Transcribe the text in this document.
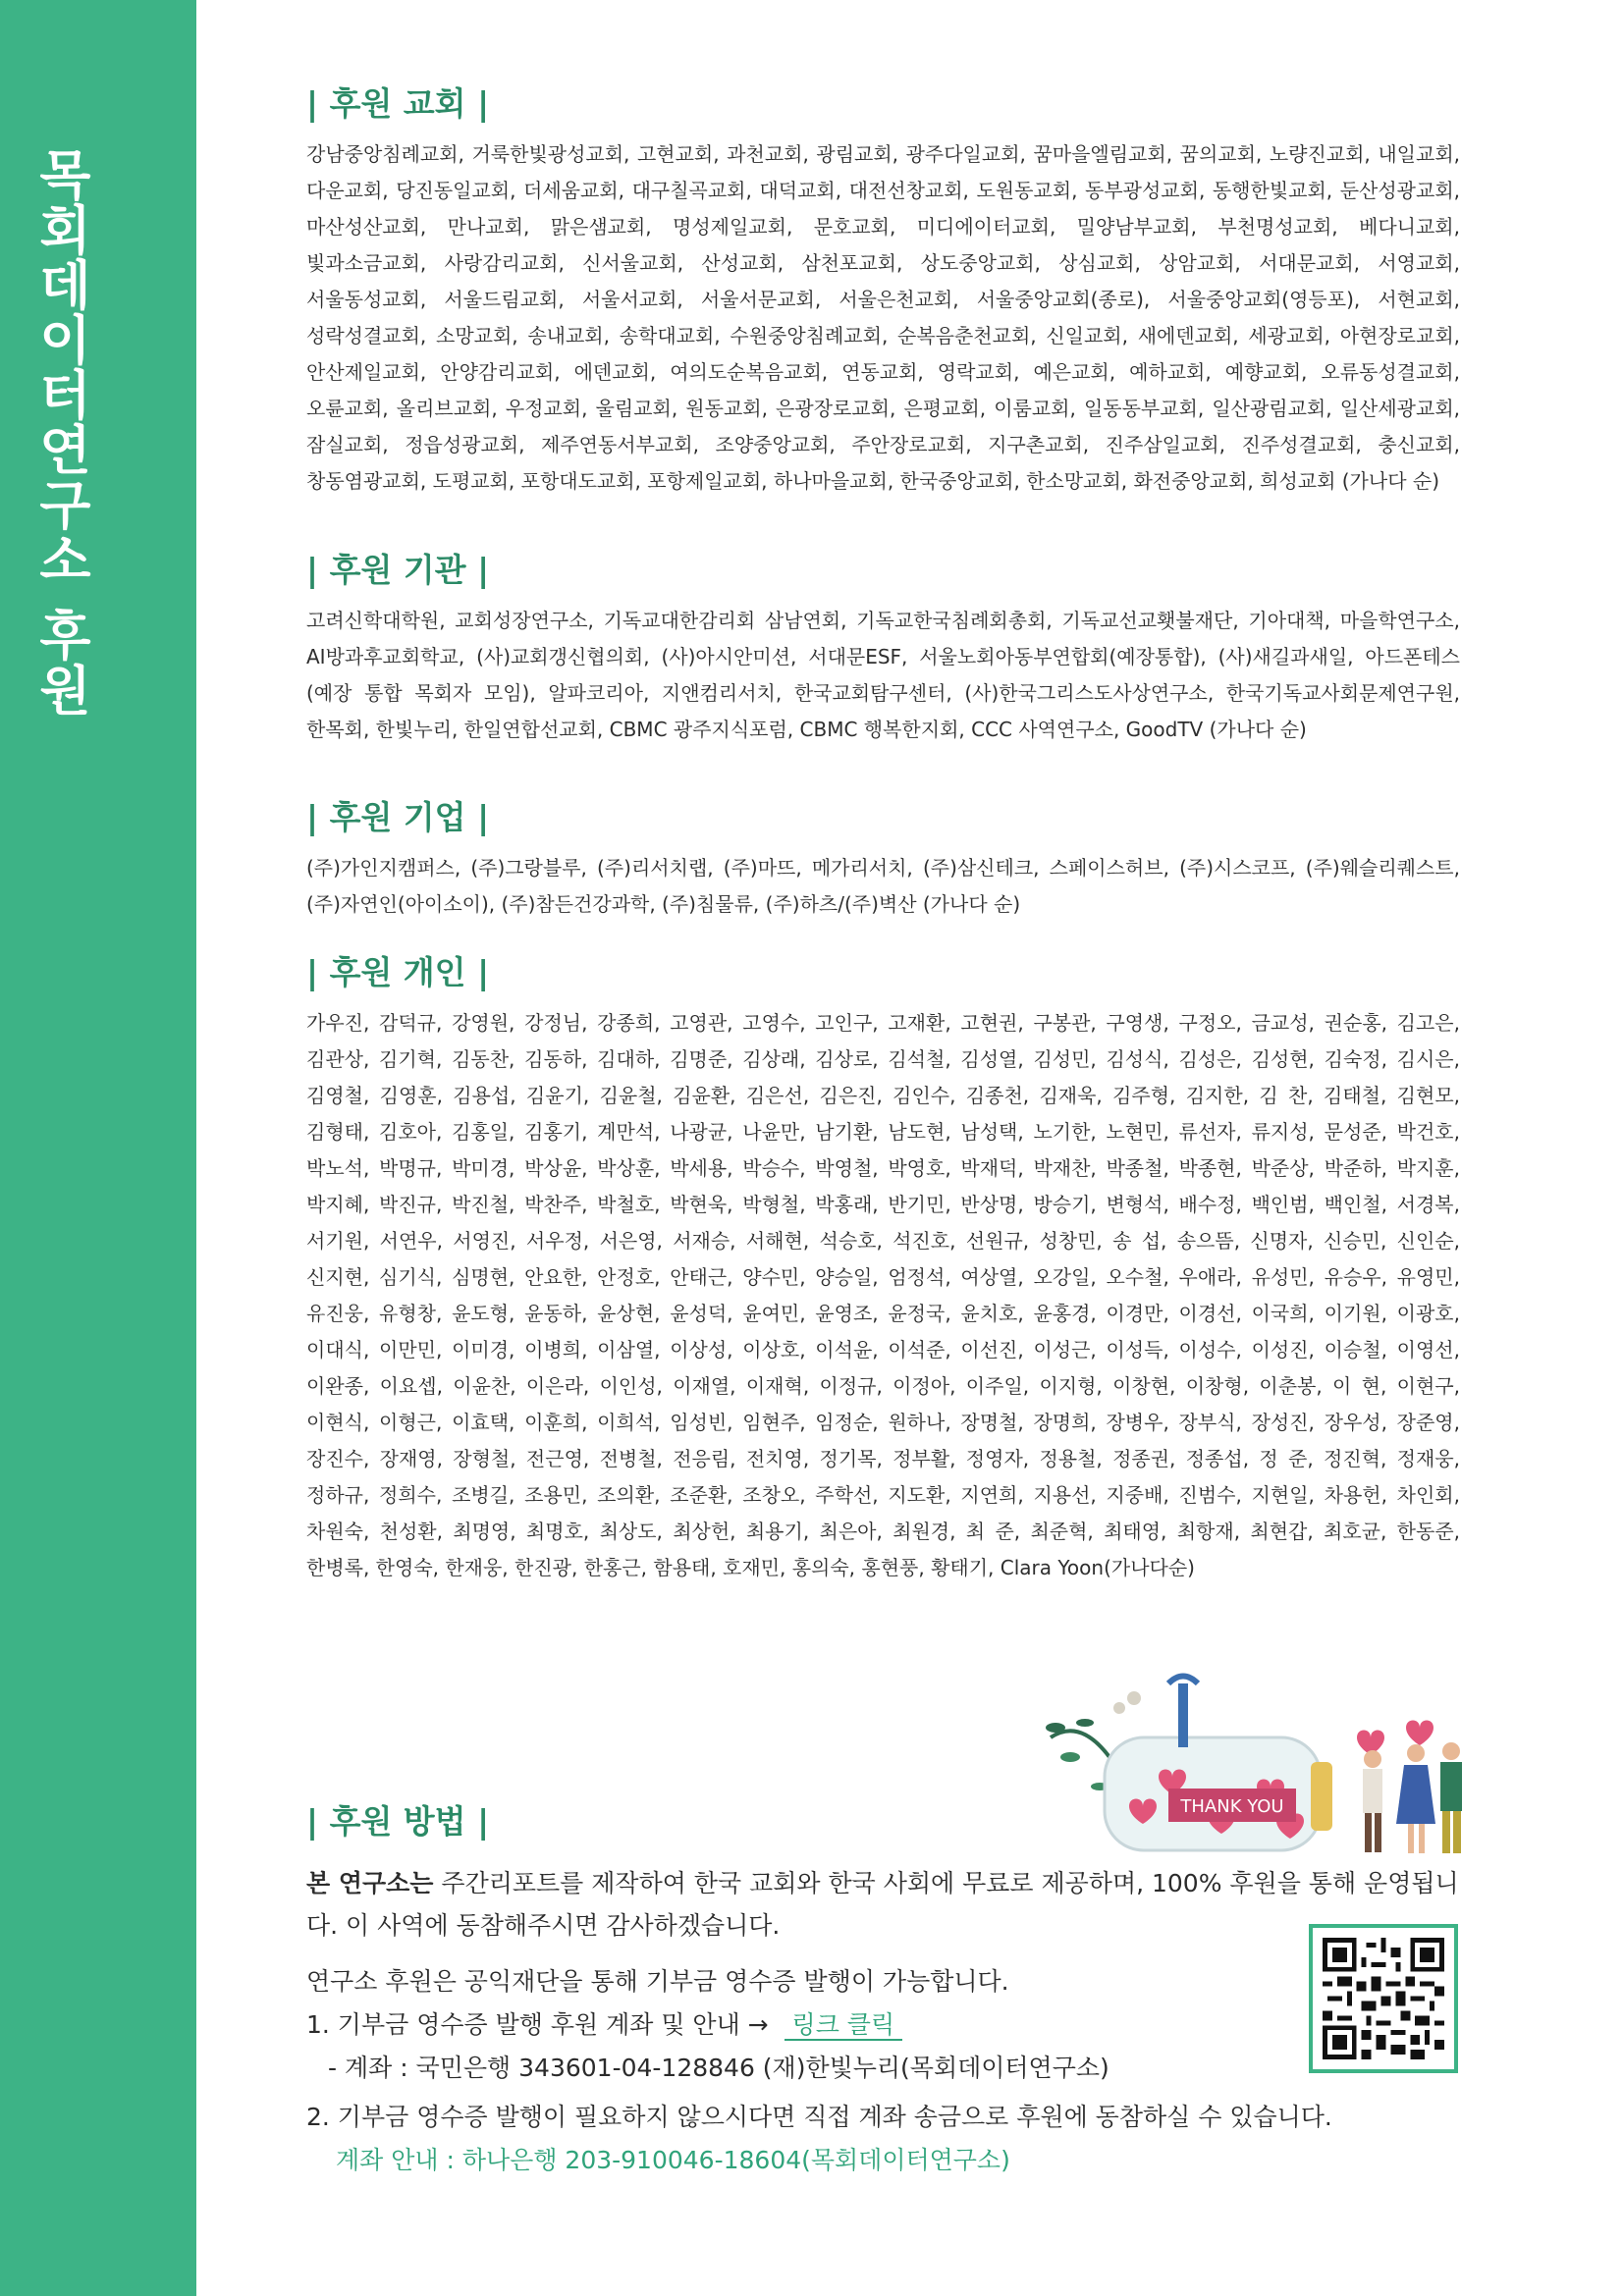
목회데이터연구소 후원
| 후원 교회 |

강남중앙침례교회, 거룩한빛광성교회, 고현교회, 과천교회, 광림교회, 광주다일교회, 꿈마을엘림교회, 꿈의교회, 노량진교회, 내일교회, 다운교회, 당진동일교회, 더세움교회, 대구칠곡교회, 대덕교회, 대전선창교회, 도원동교회, 동부광성교회, 동행한빛교회, 둔산성광교회, 마산성산교회, 만나교회, 맑은샘교회, 명성제일교회, 문호교회, 미디에이터교회, 밀양남부교회, 부천명성교회, 베다니교회, 빛과소금교회, 사랑감리교회, 신서울교회, 산성교회, 삼천포교회, 상도중앙교회, 상심교회, 상암교회, 서대문교회, 서영교회, 서울동성교회, 서울드림교회, 서울서교회, 서울서문교회, 서울은천교회, 서울중앙교회(종로), 서울중앙교회(영등포), 서현교회, 성락성결교회, 소망교회, 송내교회, 송학대교회, 수원중앙침례교회, 순복음춘천교회, 신일교회, 새에덴교회, 세광교회, 아현장로교회, 안산제일교회, 안양감리교회, 에덴교회, 여의도순복음교회, 연동교회, 영락교회, 예은교회, 예하교회, 예향교회, 오류동성결교회, 오륜교회, 올리브교회, 우정교회, 울림교회, 원동교회, 은광장로교회, 은평교회, 이룸교회, 일동동부교회, 일산광림교회, 일산세광교회, 잠실교회, 정읍성광교회, 제주연동서부교회, 조양중앙교회, 주안장로교회, 지구촌교회, 진주삼일교회, 진주성결교회, 충신교회, 창동염광교회, 도평교회, 포항대도교회, 포항제일교회, 하나마을교회, 한국중앙교회, 한소망교회, 화전중앙교회, 희성교회 (가나다 순)

| 후원 기관 |

고려신학대학원, 교회성장연구소, 기독교대한감리회 삼남연회, 기독교한국침례회총회, 기독교선교횃불재단, 기아대책, 마을학연구소, AI방과후교회학교, (사)교회갱신협의회, (사)아시안미션, 서대문ESF, 서울노회아동부연합회(예장통합), (사)새길과새일, 아드폰테스(예장 통합 목회자 모임), 알파코리아, 지앤컴리서치, 한국교회탐구센터, (사)한국그리스도사상연구소, 한국기독교사회문제연구원, 한목회, 한빛누리, 한일연합선교회, CBMC 광주지식포럼, CBMC 행복한지회, CCC 사역연구소, GoodTV (가나다 순)

| 후원 기업 |

(주)가인지캠퍼스, (주)그랑블루, (주)리서치랩, (주)마뜨, 메가리서치, (주)삼신테크, 스페이스허브, (주)시스코프, (주)웨슬리퀘스트, (주)자연인(아이소이), (주)참든건강과학, (주)침물류, (주)하츠/(주)벽산 (가나다 순)

| 후원 개인 |

가우진, 감덕규, 강영원, 강정님, 강종희, 고영관, 고영수, 고인구, 고재환, 고현권, 구봉관, 구영생, 구정오, 금교성, 권순홍, 김고은, 김관상, 김기혁, 김동찬, 김동하, 김대하, 김명준, 김상래, 김상로, 김석철, 김성열, 김성민, 김성식, 김성은, 김성현, 김숙정, 김시은, 김영철, 김영훈, 김용섭, 김윤기, 김윤철, 김윤환, 김은선, 김은진, 김인수, 김종천, 김재욱, 김주형, 김지한, 김 찬, 김태철, 김현모, 김형태, 김호아, 김홍일, 김홍기, 계만석, 나광균, 나윤만, 남기환, 남도현, 남성택, 노기한, 노현민, 류선자, 류지성, 문성준, 박건호, 박노석, 박명규, 박미경, 박상윤, 박상훈, 박세용, 박승수, 박영철, 박영호, 박재덕, 박재찬, 박종철, 박종현, 박준상, 박준하, 박지훈, 박지혜, 박진규, 박진철, 박찬주, 박철호, 박현욱, 박형철, 박홍래, 반기민, 반상명, 방승기, 변형석, 배수정, 백인범, 백인철, 서경복, 서기원, 서연우, 서영진, 서우정, 서은영, 서재승, 서해현, 석승호, 석진호, 선원규, 성창민, 송 섭, 송으뜸, 신명자, 신승민, 신인순, 신지현, 심기식, 심명현, 안요한, 안정호, 안태근, 양수민, 양승일, 엄정석, 여상열, 오강일, 오수철, 우애라, 유성민, 유승우, 유영민, 유진웅, 유형창, 윤도형, 윤동하, 윤상현, 윤성덕, 윤여민, 윤영조, 윤정국, 윤치호, 윤홍경, 이경만, 이경선, 이국희, 이기원, 이광호, 이대식, 이만민, 이미경, 이병희, 이삼열, 이상성, 이상호, 이석윤, 이석준, 이선진, 이성근, 이성득, 이성수, 이성진, 이승철, 이영선, 이완종, 이요셉, 이윤찬, 이은라, 이인성, 이재열, 이재혁, 이정규, 이정아, 이주일, 이지형, 이창현, 이창형, 이춘봉, 이 현, 이현구, 이현식, 이형근, 이효택, 이훈희, 이희석, 임성빈, 임현주, 임정순, 원하나, 장명철, 장명희, 장병우, 장부식, 장성진, 장우성, 장준영, 장진수, 장재영, 장형철, 전근영, 전병철, 전응림, 전치영, 정기목, 정부활, 정영자, 정용철, 정종권, 정종섭, 정 준, 정진혁, 정재웅, 정하규, 정희수, 조병길, 조용민, 조의환, 조준환, 조창오, 주학선, 지도환, 지연희, 지용선, 지중배, 진범수, 지현일, 차용헌, 차인회, 차원숙, 천성환, 최명영, 최명호, 최상도, 최상헌, 최용기, 최은아, 최원경, 최 준, 최준혁, 최태영, 최항재, 최현갑, 최호균, 한동준, 한병록, 한영숙, 한재웅, 한진광, 한홍근, 함용태, 호재민, 홍의숙, 홍현풍, 황태기, Clara Yoon(가나다순)

THANK YOU
| 후원 방법 |

본 연구소는 주간리포트를 제작하여 한국 교회와 한국 사회에 무료로 제공하며, 100% 후원을 통해 운영됩니다. 이 사역에 동참해주시면 감사하겠습니다.

연구소 후원은 공익재단을 통해 기부금 영수증 발행이 가능합니다.

1. 기부금 영수증 발행 후원 계좌 및 안내 → 링크 클릭

- 계좌 : 국민은행 343601-04-128846 (재)한빛누리(목회데이터연구소)

2. 기부금 영수증 발행이 필요하지 않으시다면 직접 계좌 송금으로 후원에 동참하실 수 있습니다.

계좌 안내 : 하나은행 203-910046-18604(목회데이터연구소)
